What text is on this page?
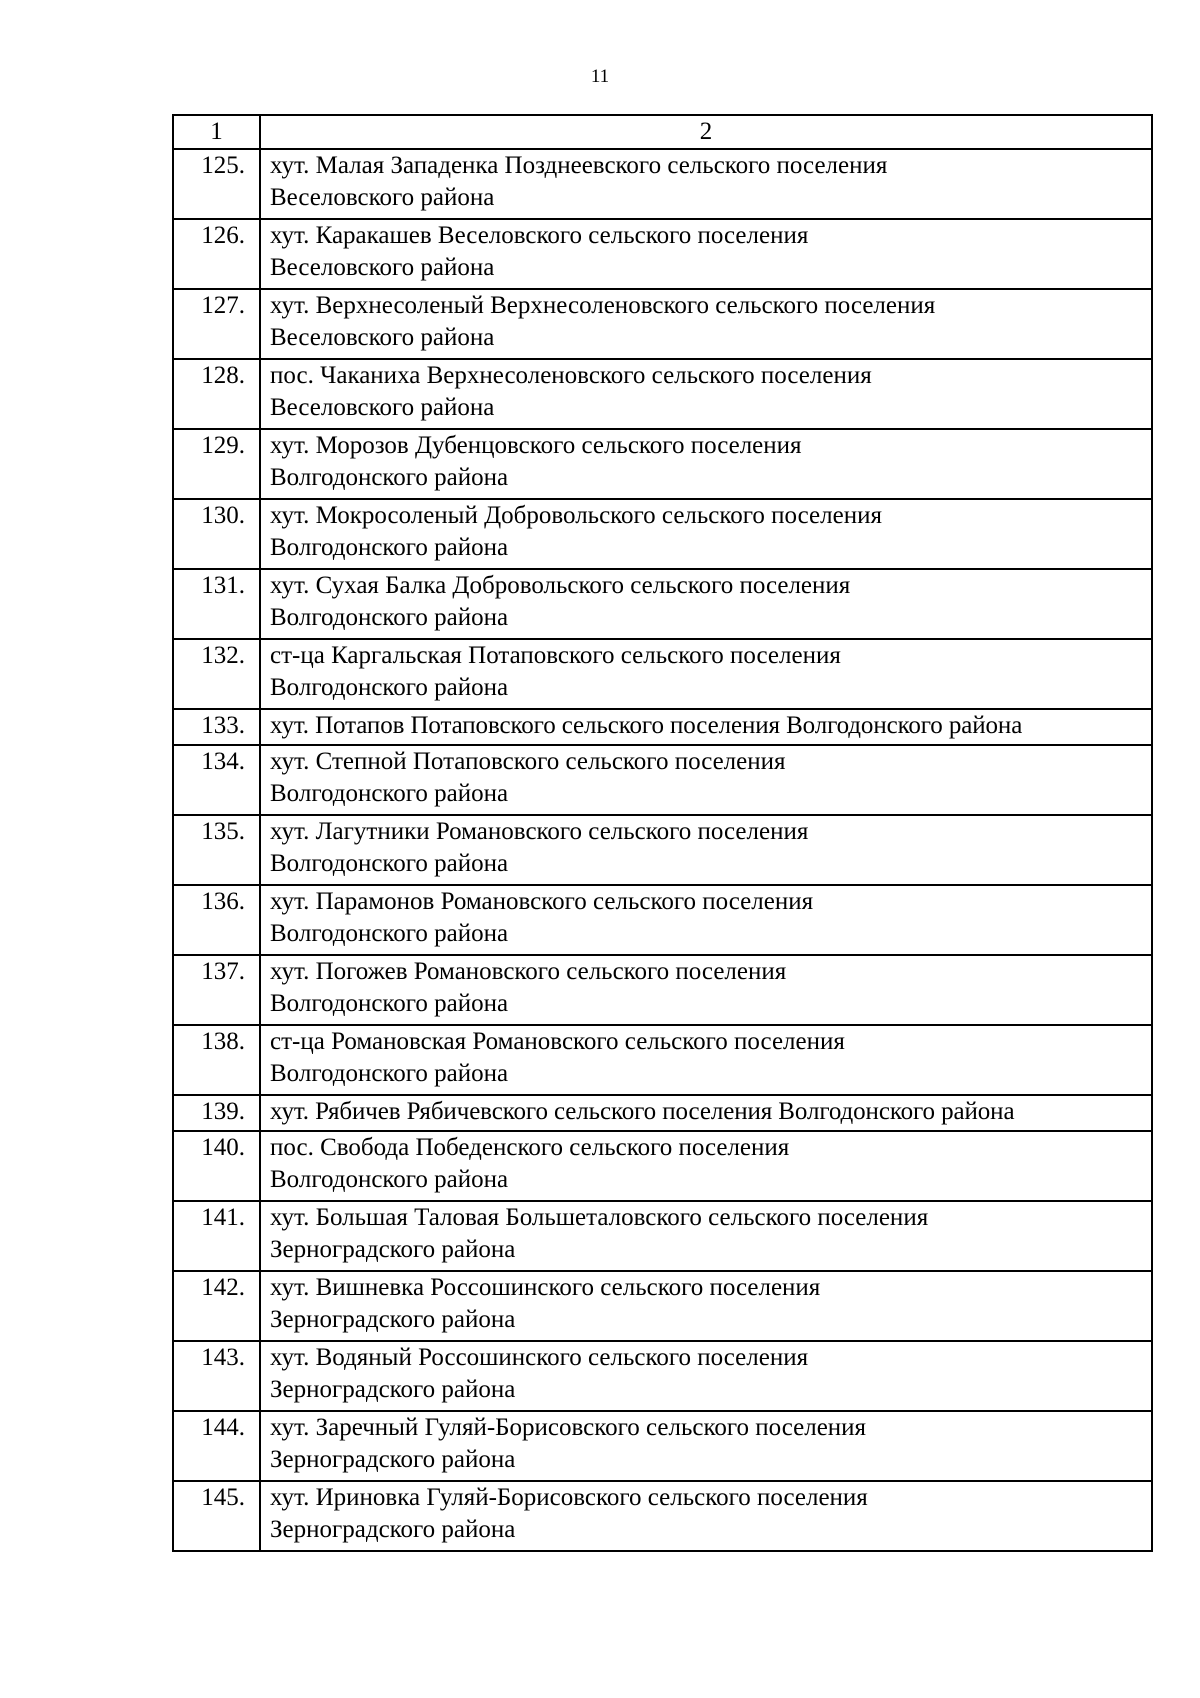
11
1	2
125.	хут. Малая Западенка Позднеевского сельского поселения
Веселовского района
126.	хут. Каракашев Веселовского сельского поселения
Веселовского района
127.	хут. Верхнесоленый Верхнесоленовского сельского поселения
Веселовского района
128.	пос. Чаканиха Верхнесоленовского сельского поселения
Веселовского района
129.	хут. Морозов Дубенцовского сельского поселения
Волгодонского района
130.	хут. Мокросоленый Добровольского сельского поселения
Волгодонского района
131.	хут. Сухая Балка Добровольского сельского поселения
Волгодонского района
132.	ст-ца Каргальская Потаповского сельского поселения
Волгодонского района
133.	хут. Потапов Потаповского сельского поселения Волгодонского района
134.	хут. Степной Потаповского сельского поселения
Волгодонского района
135.	хут. Лагутники Романовского сельского поселения
Волгодонского района
136.	хут. Парамонов Романовского сельского поселения
Волгодонского района
137.	хут. Погожев Романовского сельского поселения
Волгодонского района
138.	ст-ца Романовская Романовского сельского поселения
Волгодонского района
139.	хут. Рябичев Рябичевского сельского поселения Волгодонского района
140.	пос. Свобода Победенского сельского поселения
Волгодонского района
141.	хут. Большая Таловая Большеталовского сельского поселения
Зерноградского района
142.	хут. Вишневка Россошинского сельского поселения
Зерноградского района
143.	хут. Водяный Россошинского сельского поселения
Зерноградского района
144.	хут. Заречный Гуляй-Борисовского сельского поселения
Зерноградского района
145.	хут. Ириновка Гуляй-Борисовского сельского поселения
Зерноградского района
